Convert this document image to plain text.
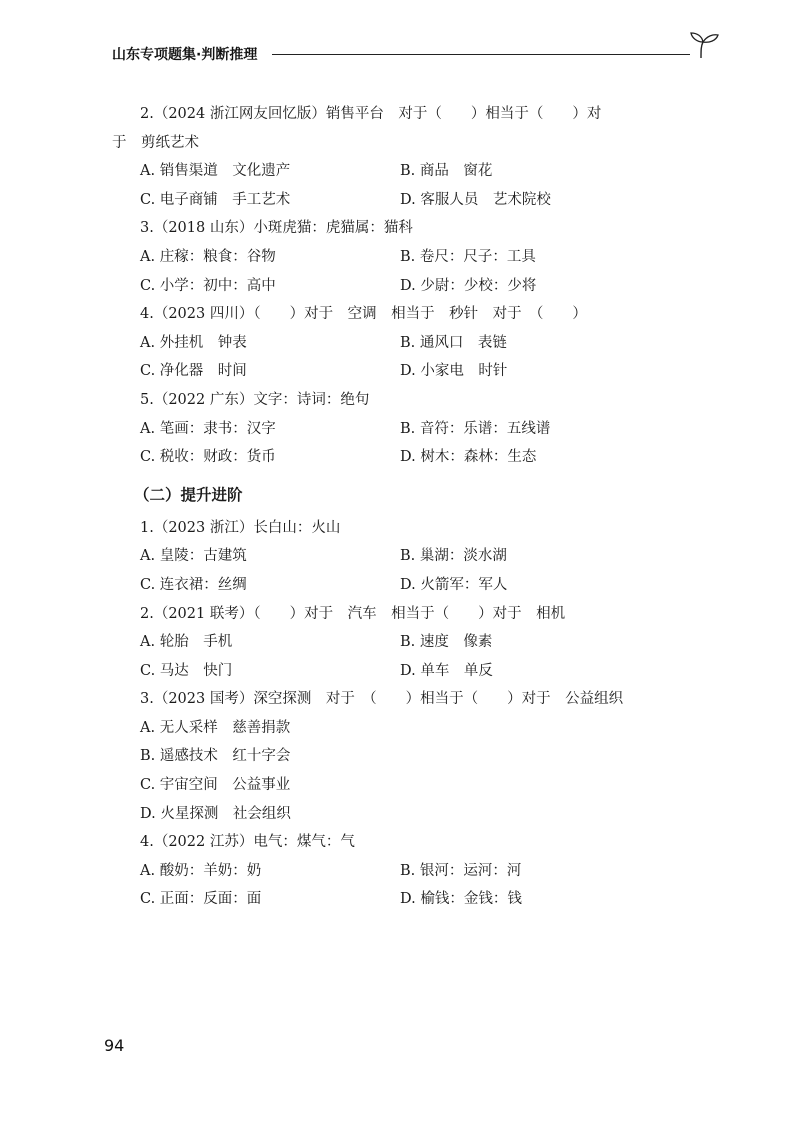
山东专项题集·判断推理
2.（2024 浙江网友回忆版）销售平台　对于（　　）相当于（　　）对
于　剪纸艺术
A. 销售渠道　文化遗产	B. 商品　窗花
C. 电子商铺　手工艺术	D. 客服人员　艺术院校
3.（2018 山东）小斑虎猫：虎猫属：猫科
A. 庄稼：粮食：谷物	B. 卷尺：尺子：工具
C. 小学：初中：高中	D. 少尉：少校：少将
4.（2023 四川）（　　）对于　空调　相当于　秒针　对于　（　　）
A. 外挂机　钟表	B. 通风口　表链
C. 净化器　时间	D. 小家电　时针
5.（2022 广东）文字：诗词：绝句
A. 笔画：隶书：汉字	B. 音符：乐谱：五线谱
C. 税收：财政：货币	D. 树木：森林：生态
（二）提升进阶
1.（2023 浙江）长白山：火山
A. 皇陵：古建筑	B. 巢湖：淡水湖
C. 连衣裙：丝绸	D. 火箭军：军人
2.（2021 联考）（　　）对于　汽车　相当于（　　）对于　相机
A. 轮胎　手机	B. 速度　像素
C. 马达　快门	D. 单车　单反
3.（2023 国考）深空探测　对于　（　　）相当于（　　）对于　公益组织
A. 无人采样　慈善捐款
B. 遥感技术　红十字会
C. 宇宙空间　公益事业
D. 火星探测　社会组织
4.（2022 江苏）电气：煤气：气
A. 酸奶：羊奶：奶	B. 银河：运河：河
C. 正面：反面：面	D. 榆钱：金钱：钱
94
